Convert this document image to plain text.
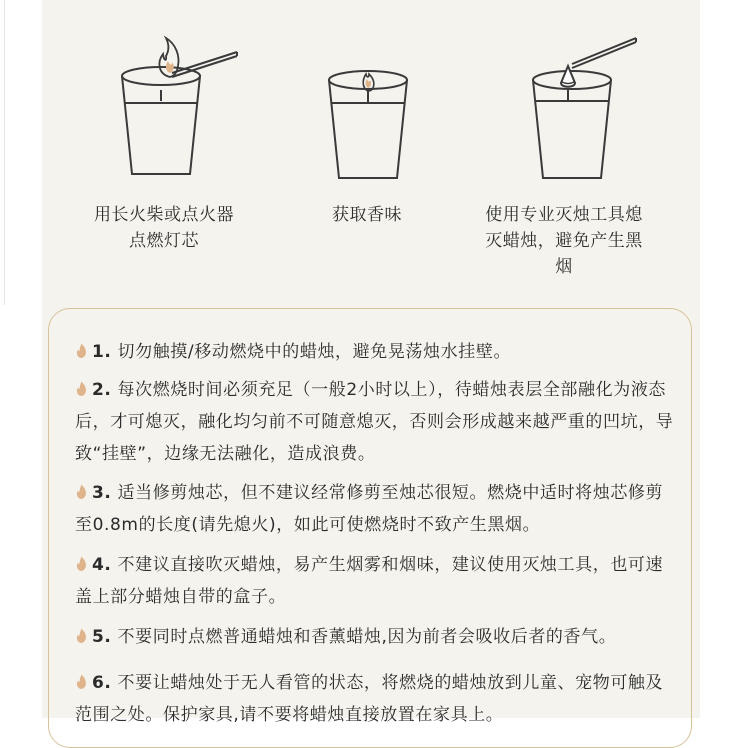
用长火柴或点火器点燃灯芯
获取香味	使用专业灭烛工具熄灭蜡烛，避免产生黑烟
1. 切勿触摸/移动燃烧中的蜡烛，避免晃荡烛水挂壁。
2. 每次燃烧时间必须充足（一般2小时以上），待蜡烛表层全部融化为液态后，才可熄灭，融化均匀前不可随意熄灭，否则会形成越来越严重的凹坑，导致“挂壁”，边缘无法融化，造成浪费。
3. 适当修剪烛芯，但不建议经常修剪至烛芯很短。燃烧中适时将烛芯修剪至0.8m的长度(请先熄火)，如此可使燃烧时不致产生黑烟。
4. 不建议直接吹灭蜡烛，易产生烟雾和烟味，建议使用灭烛工具，也可速盖上部分蜡烛自带的盒子。
5. 不要同时点燃普通蜡烛和香薰蜡烛,因为前者会吸收后者的香气。
6. 不要让蜡烛处于无人看管的状态，将燃烧的蜡烛放到儿童、宠物可触及范围之处。保护家具,请不要将蜡烛直接放置在家具上。
